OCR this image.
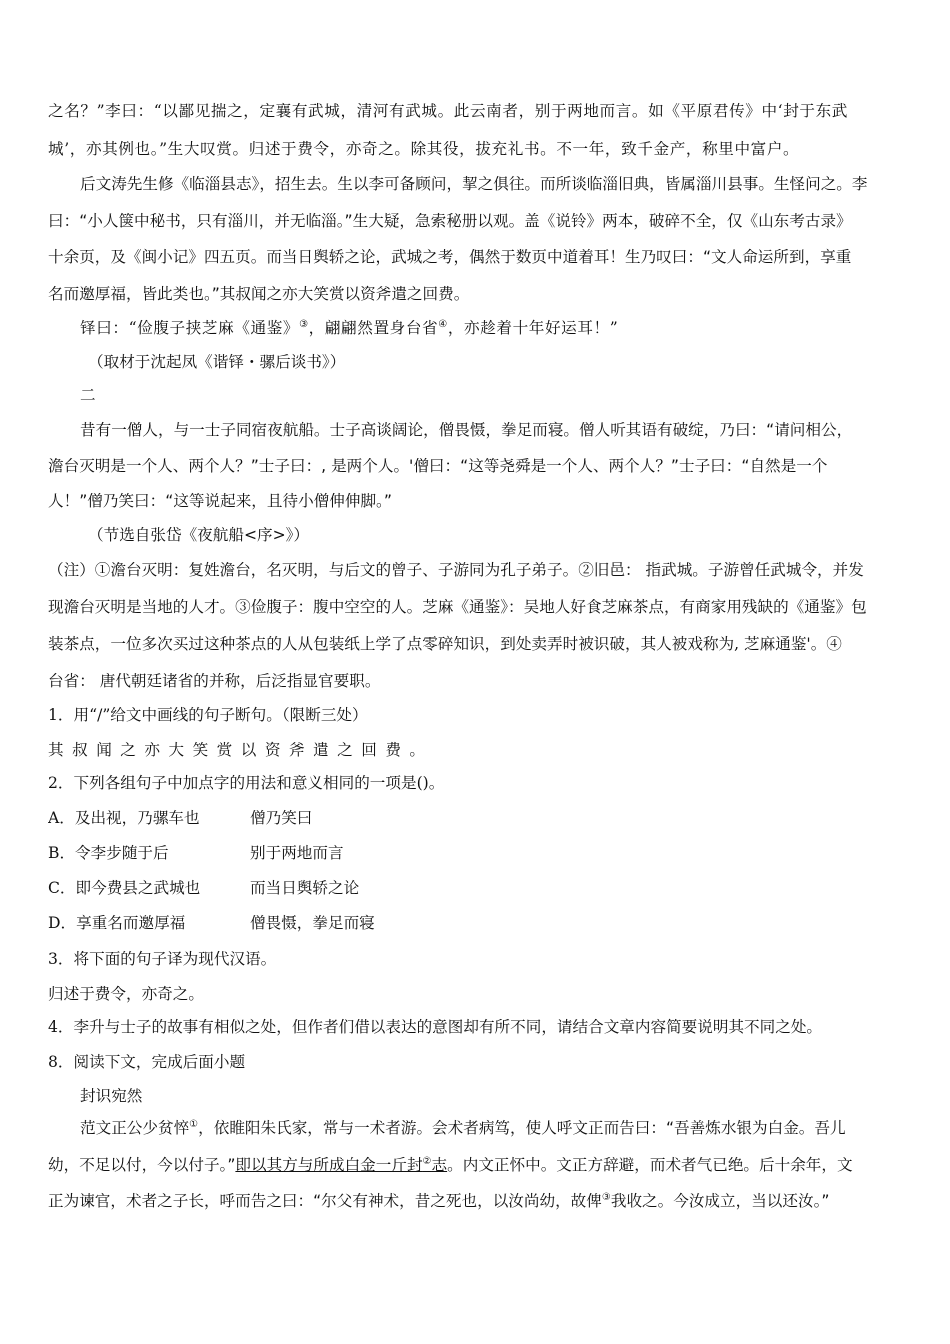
之名？”李曰：“以鄙见揣之，定襄有武城，清河有武城。此云南者，别于两地而言。如《平原君传》中‘封于东武
城’，亦其例也。”生大叹赏。归述于费令，亦奇之。除其役，拔充礼书。不一年，致千金产，称里中富户。
后文涛先生修《临淄县志》，招生去。生以李可备顾问，挈之俱往。而所谈临淄旧典，皆属淄川县事。生怪问之。李
曰：“小人箧中秘书，只有淄川，并无临淄。”生大疑，急索秘册以观。盖《说铃》两本，破碎不全，仅《山东考古录》
十余页，及《闽小记》四五页。而当日舆轿之论，武城之考，偶然于数页中道着耳！生乃叹曰：“文人命运所到，享重
名而邀厚福，皆此类也。”其叔闻之亦大笑赏以资斧遣之回费。
铎曰：“俭腹子挟芝麻《通鉴》③，翩翩然置身台省④，亦趁着十年好运耳！”
（取材于沈起凤《谐铎・骡后谈书》）
二
昔有一僧人，与一士子同宿夜航船。士子高谈阔论，僧畏慑，拳足而寝。僧人听其语有破绽，乃曰：“请问相公，
澹台灭明是一个人、两个人？”士子曰：, 是两个人。'僧曰：“这等尧舜是一个人、两个人？”士子曰：“自然是一个
人！”僧乃笑曰：“这等说起来，且待小僧伸伸脚。”
（节选自张岱《夜航船<序>》）
（注）①澹台灭明：复姓澹台，名灭明，与后文的曾子、子游同为孔子弟子。②旧邑： 指武城。子游曾任武城令，并发
现澹台灭明是当地的人才。③俭腹子：腹中空空的人。芝麻《通鉴》：吴地人好食芝麻茶点，有商家用残缺的《通鉴》包
装茶点，一位多次买过这种茶点的人从包装纸上学了点零碎知识，到处卖弄时被识破，其人被戏称为, 芝麻通鉴'。④
台省： 唐代朝廷诸省的并称，后泛指显官要职。
1．用“/”给文中画线的句子断句。（限断三处）
其叔闻之亦大笑赏以资斧遣之回费。
2．下列各组句子中加点字的用法和意义相同的一项是()。
A．及出视，乃骡车也	僧乃笑曰
B．令李步随于后	别于两地而言
C．即今费县之武城也	而当日舆轿之论
D．享重名而邀厚福	僧畏慑，拳足而寝
3．将下面的句子译为现代汉语。
归述于费令，亦奇之。
4．李升与士子的故事有相似之处，但作者们借以表达的意图却有所不同，请结合文章内容简要说明其不同之处。
8．阅读下文，完成后面小题
封识宛然
范文正公少贫悴①，依睢阳朱氏家，常与一术者游。会术者病笃，使人呼文正而告曰：“吾善炼水银为白金。吾儿
幼，不足以付，今以付子。”即以其方与所成白金一斤封②志。内文正怀中。文正方辞避，而术者气已绝。后十余年，文
正为谏官，术者之子长，呼而告之曰：“尔父有神术，昔之死也，以汝尚幼，故俾③我收之。今汝成立，当以还汝。”
